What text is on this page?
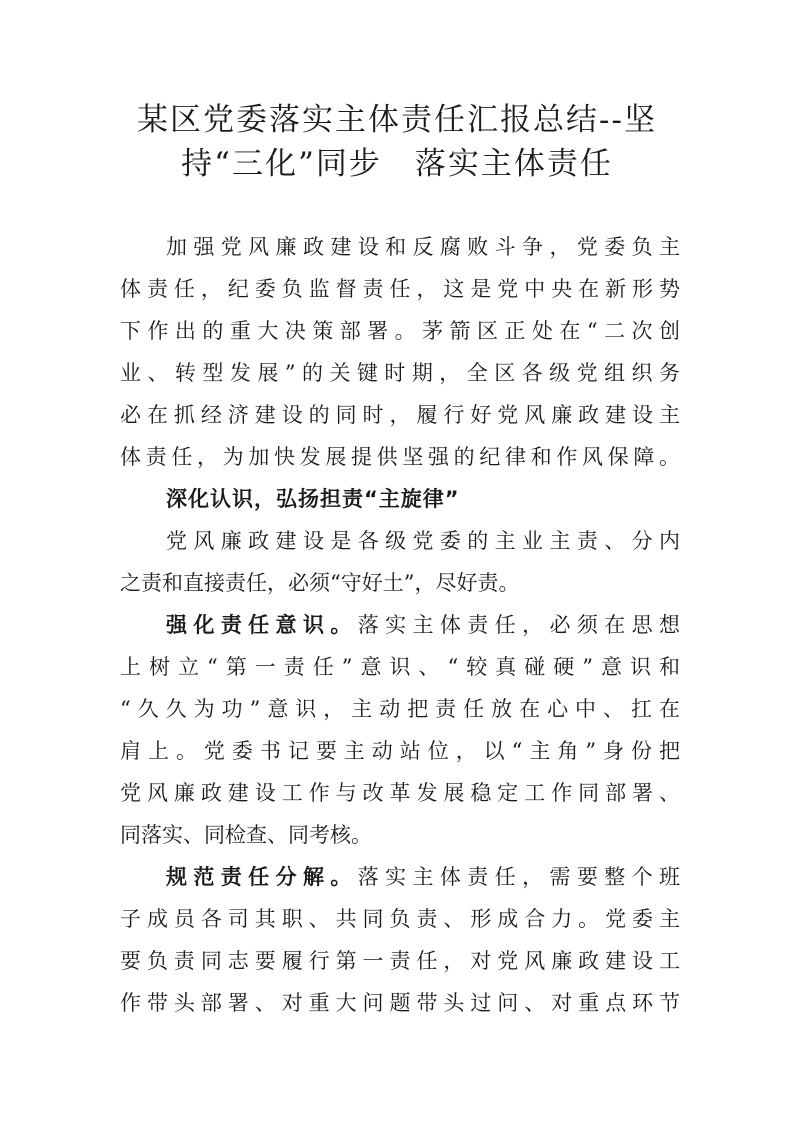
某区党委落实主体责任汇报总结--坚
持“三化”同步　落实主体责任

加强党风廉政建设和反腐败斗争，党委负主

体责任，纪委负监督责任，这是党中央在新形势

下作出的重大决策部署。茅箭区正处在“二次创

业、转型发展”的关键时期，全区各级党组织务

必在抓经济建设的同时，履行好党风廉政建设主

体责任，为加快发展提供坚强的纪律和作风保障。

深化认识，弘扬担责“主旋律”

党风廉政建设是各级党委的主业主责、分内

之责和直接责任，必须“守好土”，尽好责。

强化责任意识。落实主体责任，必须在思想

上树立“第一责任”意识、“较真碰硬”意识和

“久久为功”意识，主动把责任放在心中、扛在

肩上。党委书记要主动站位，以“主角”身份把

党风廉政建设工作与改革发展稳定工作同部署、

同落实、同检查、同考核。

规范责任分解。落实主体责任，需要整个班

子成员各司其职、共同负责、形成合力。党委主

要负责同志要履行第一责任，对党风廉政建设工

作带头部署、对重大问题带头过问、对重点环节
